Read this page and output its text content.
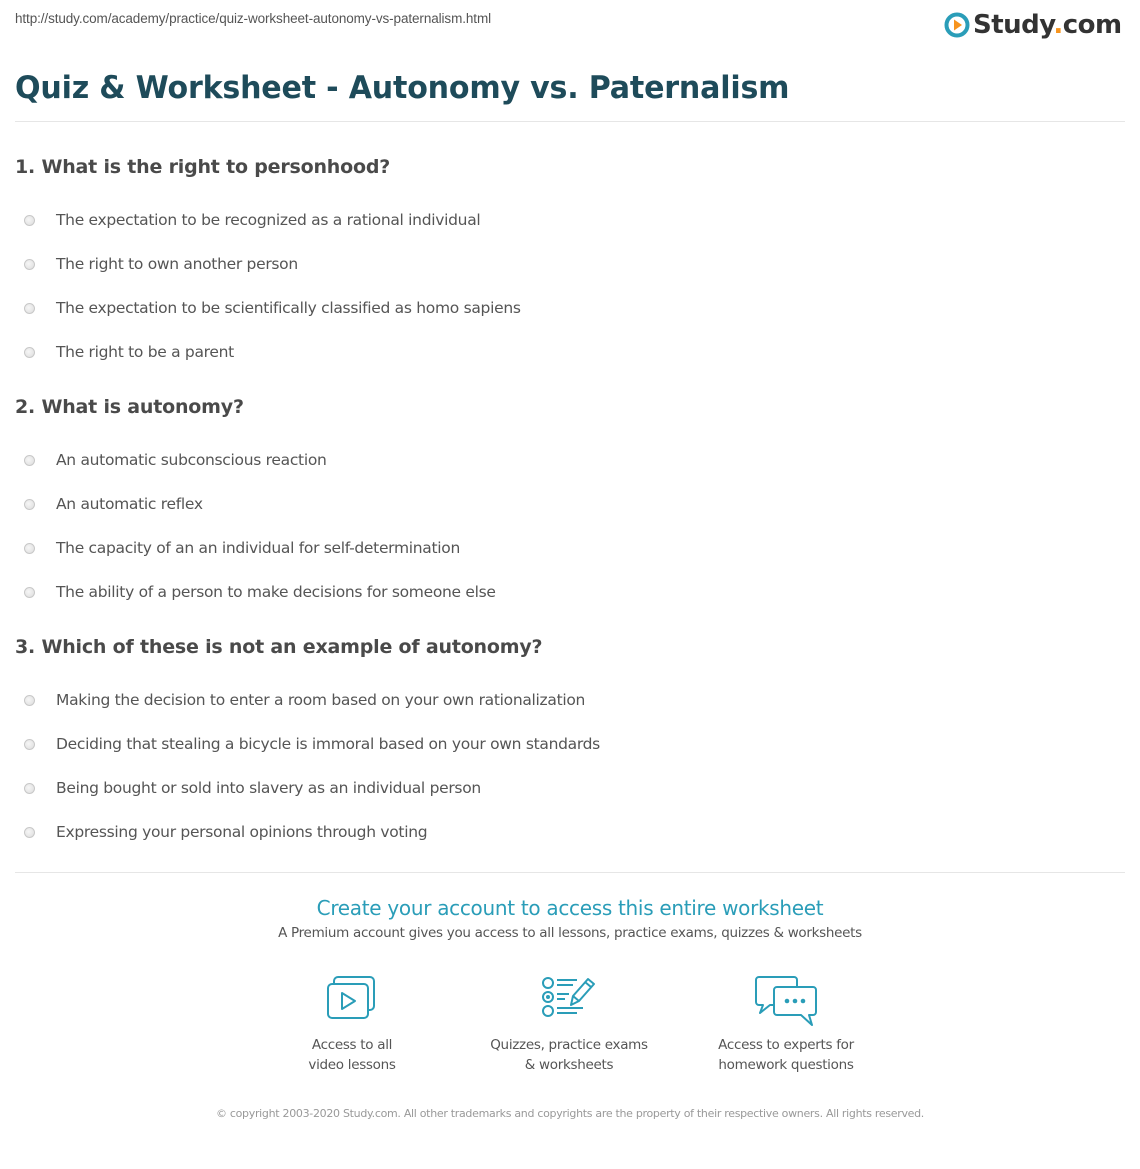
http://study.com/academy/practice/quiz-worksheet-autonomy-vs-paternalism.html	Study.com
Quiz & Worksheet - Autonomy vs. Paternalism
1. What is the right to personhood?
The expectation to be recognized as a rational individual
The right to own another person
The expectation to be scientifically classified as homo sapiens
The right to be a parent
2. What is autonomy?
An automatic subconscious reaction
An automatic reflex
The capacity of an an individual for self-determination
The ability of a person to make decisions for someone else
3. Which of these is not an example of autonomy?
Making the decision to enter a room based on your own rationalization
Deciding that stealing a bicycle is immoral based on your own standards
Being bought or sold into slavery as an individual person
Expressing your personal opinions through voting
Create your account to access this entire worksheet
A Premium account gives you access to all lessons, practice exams, quizzes & worksheets
Access to all
video lessons
Quizzes, practice exams
& worksheets
Access to experts for
homework questions
© copyright 2003-2020 Study.com. All other trademarks and copyrights are the property of their respective owners. All rights reserved.
